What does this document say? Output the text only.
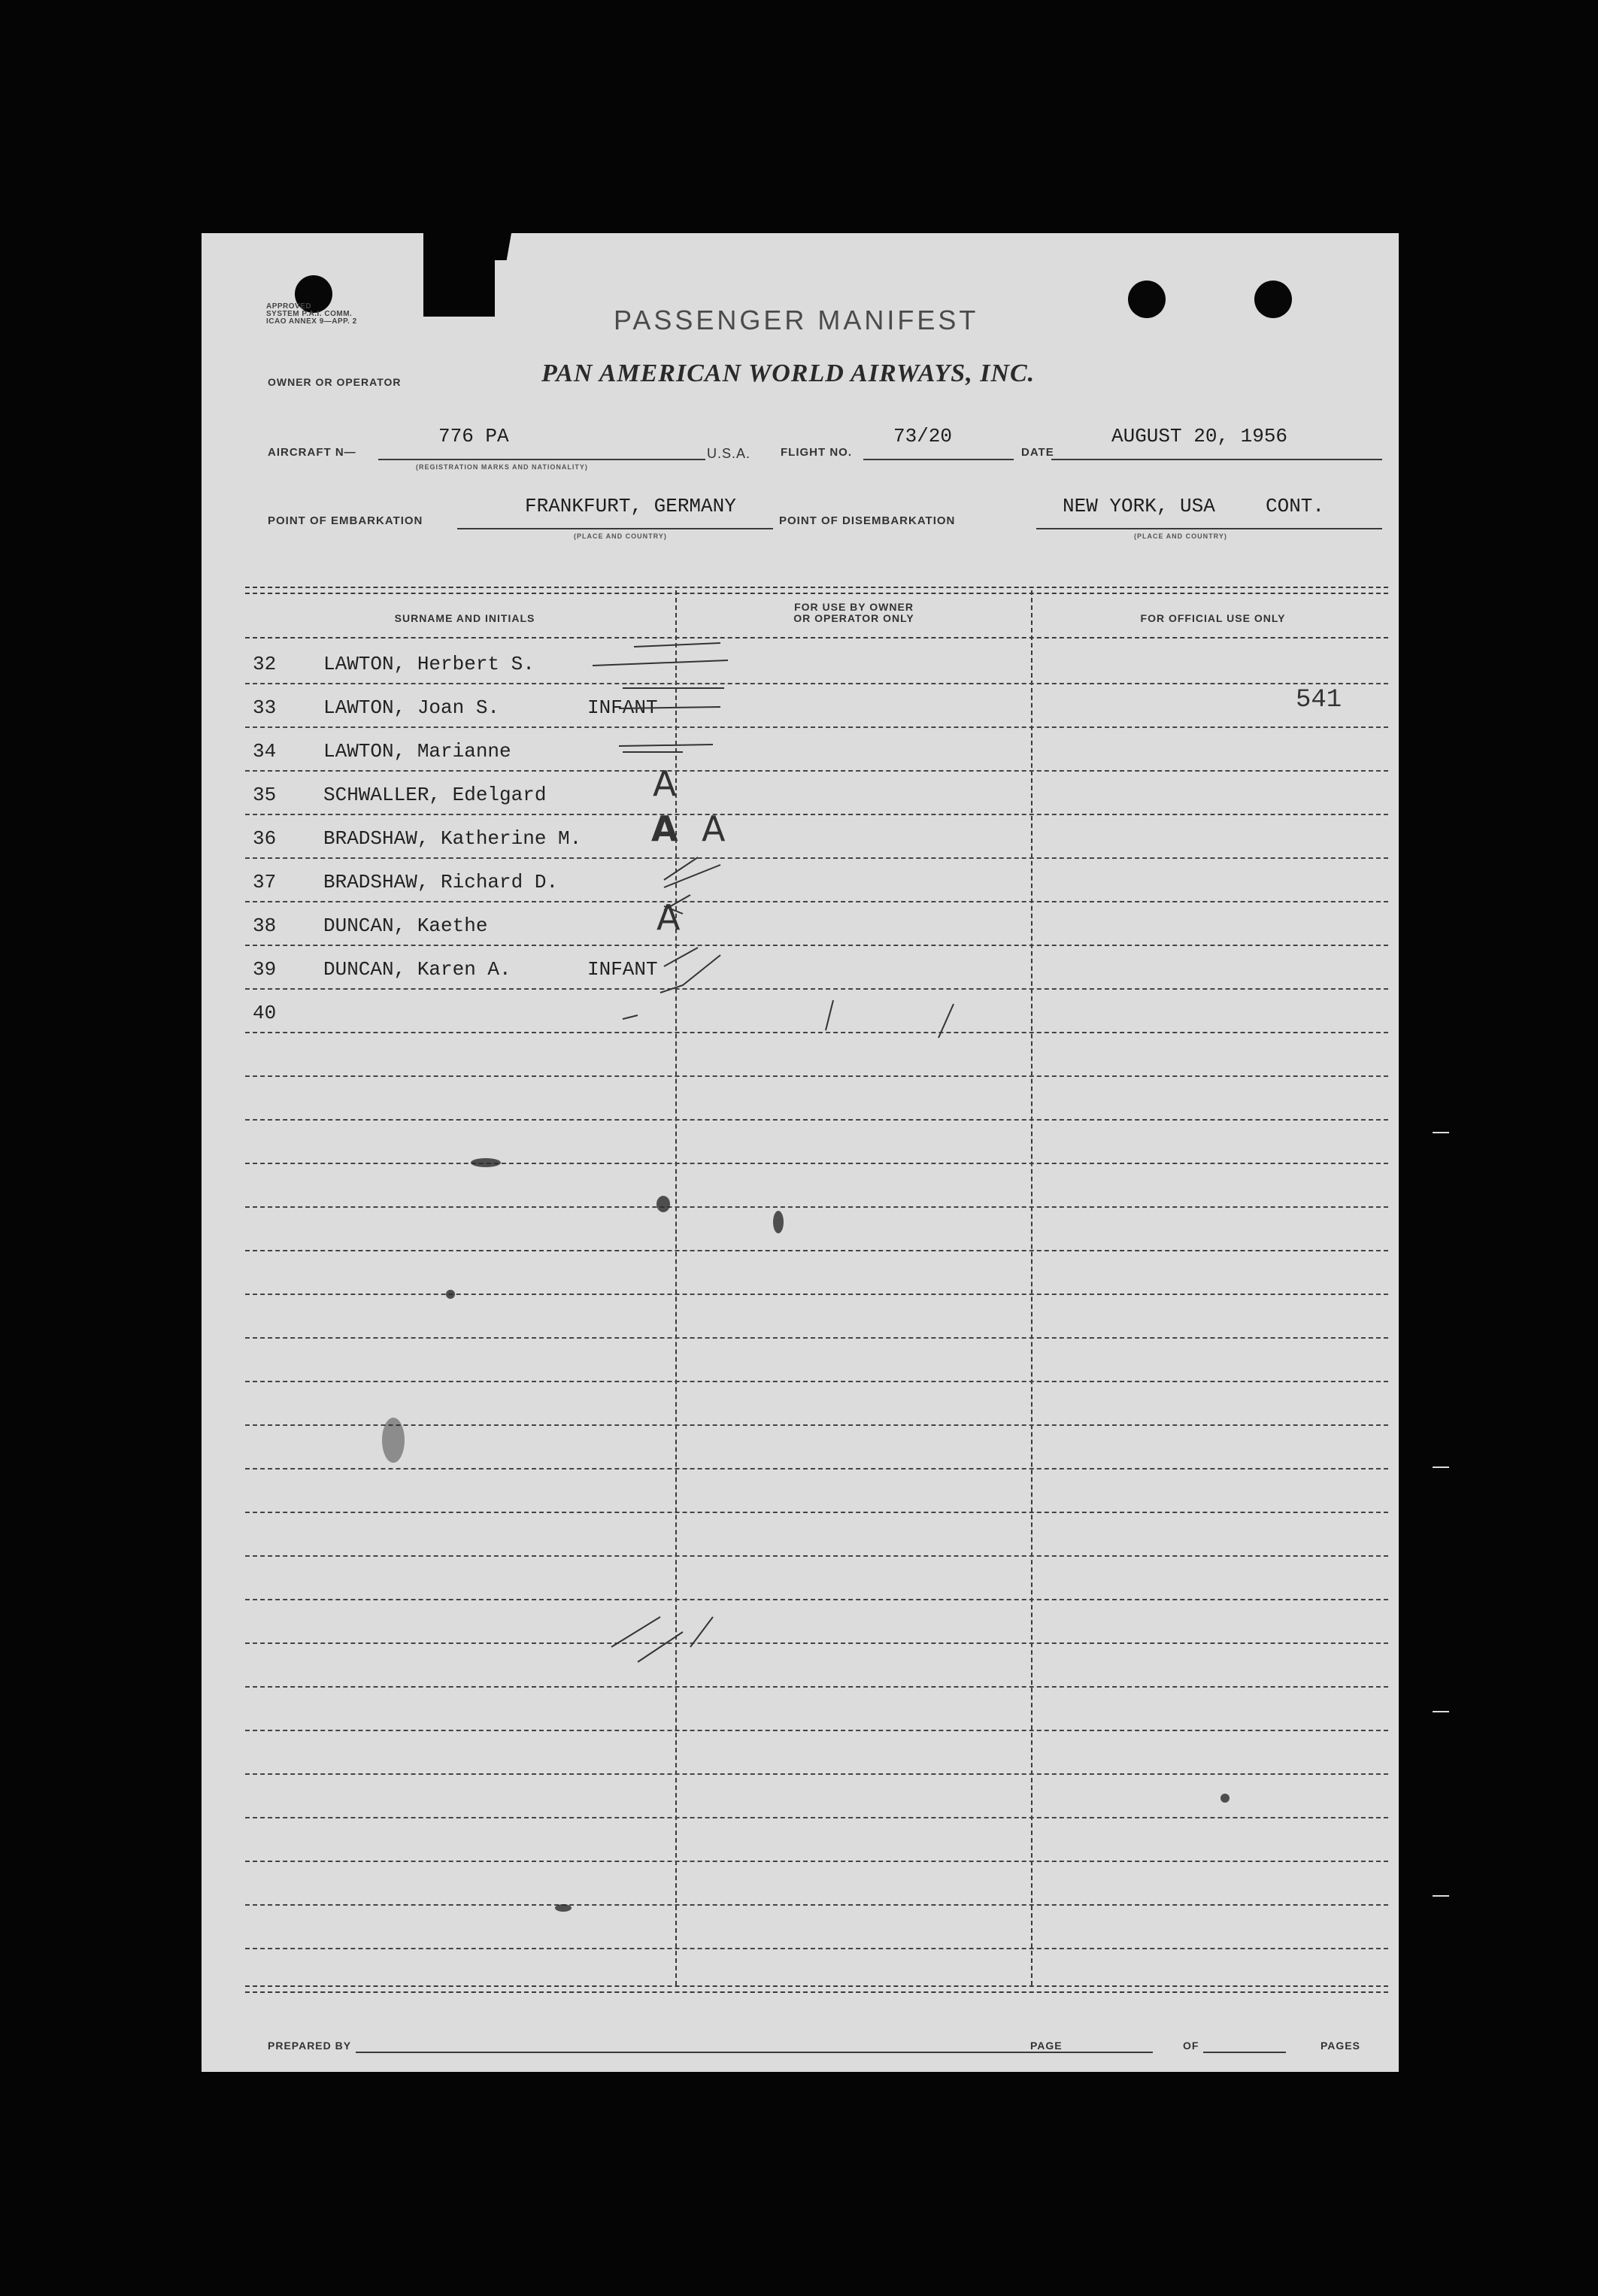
APPROVED
SYSTEM P.A.I. COMM.
ICAO ANNEX 9—APP. 2	PASSENGER MANIFEST
PAN AMERICAN WORLD AIRWAYS, INC.
OWNER OR OPERATOR
AIRCRAFT N—
776 PA
(REGISTRATION MARKS AND NATIONALITY)
U.S.A.	FLIGHT NO.
73/20
DATE
AUGUST 20, 1956
POINT OF EMBARKATION
FRANKFURT, GERMANY
(PLACE AND COUNTRY)
POINT OF DISEMBARKATION
NEW YORK, USA	CONT.
(PLACE AND COUNTRY)
SURNAME AND INITIALS
FOR USE BY OWNER
OR OPERATOR ONLY	FOR OFFICIAL USE ONLY
32 LAWTON, Herbert S.
33 LAWTON, Joan S.	INFANT
34 LAWTON, Marianne
35 SCHWALLER, Edelgard
36 BRADSHAW, Katherine M.
37 BRADSHAW, Richard D.
38 DUNCAN, Kaethe
39 DUNCAN, Karen A.	INFANT
40
541
A
A A
A
PREPARED BY	PAGE	OF	PAGES
